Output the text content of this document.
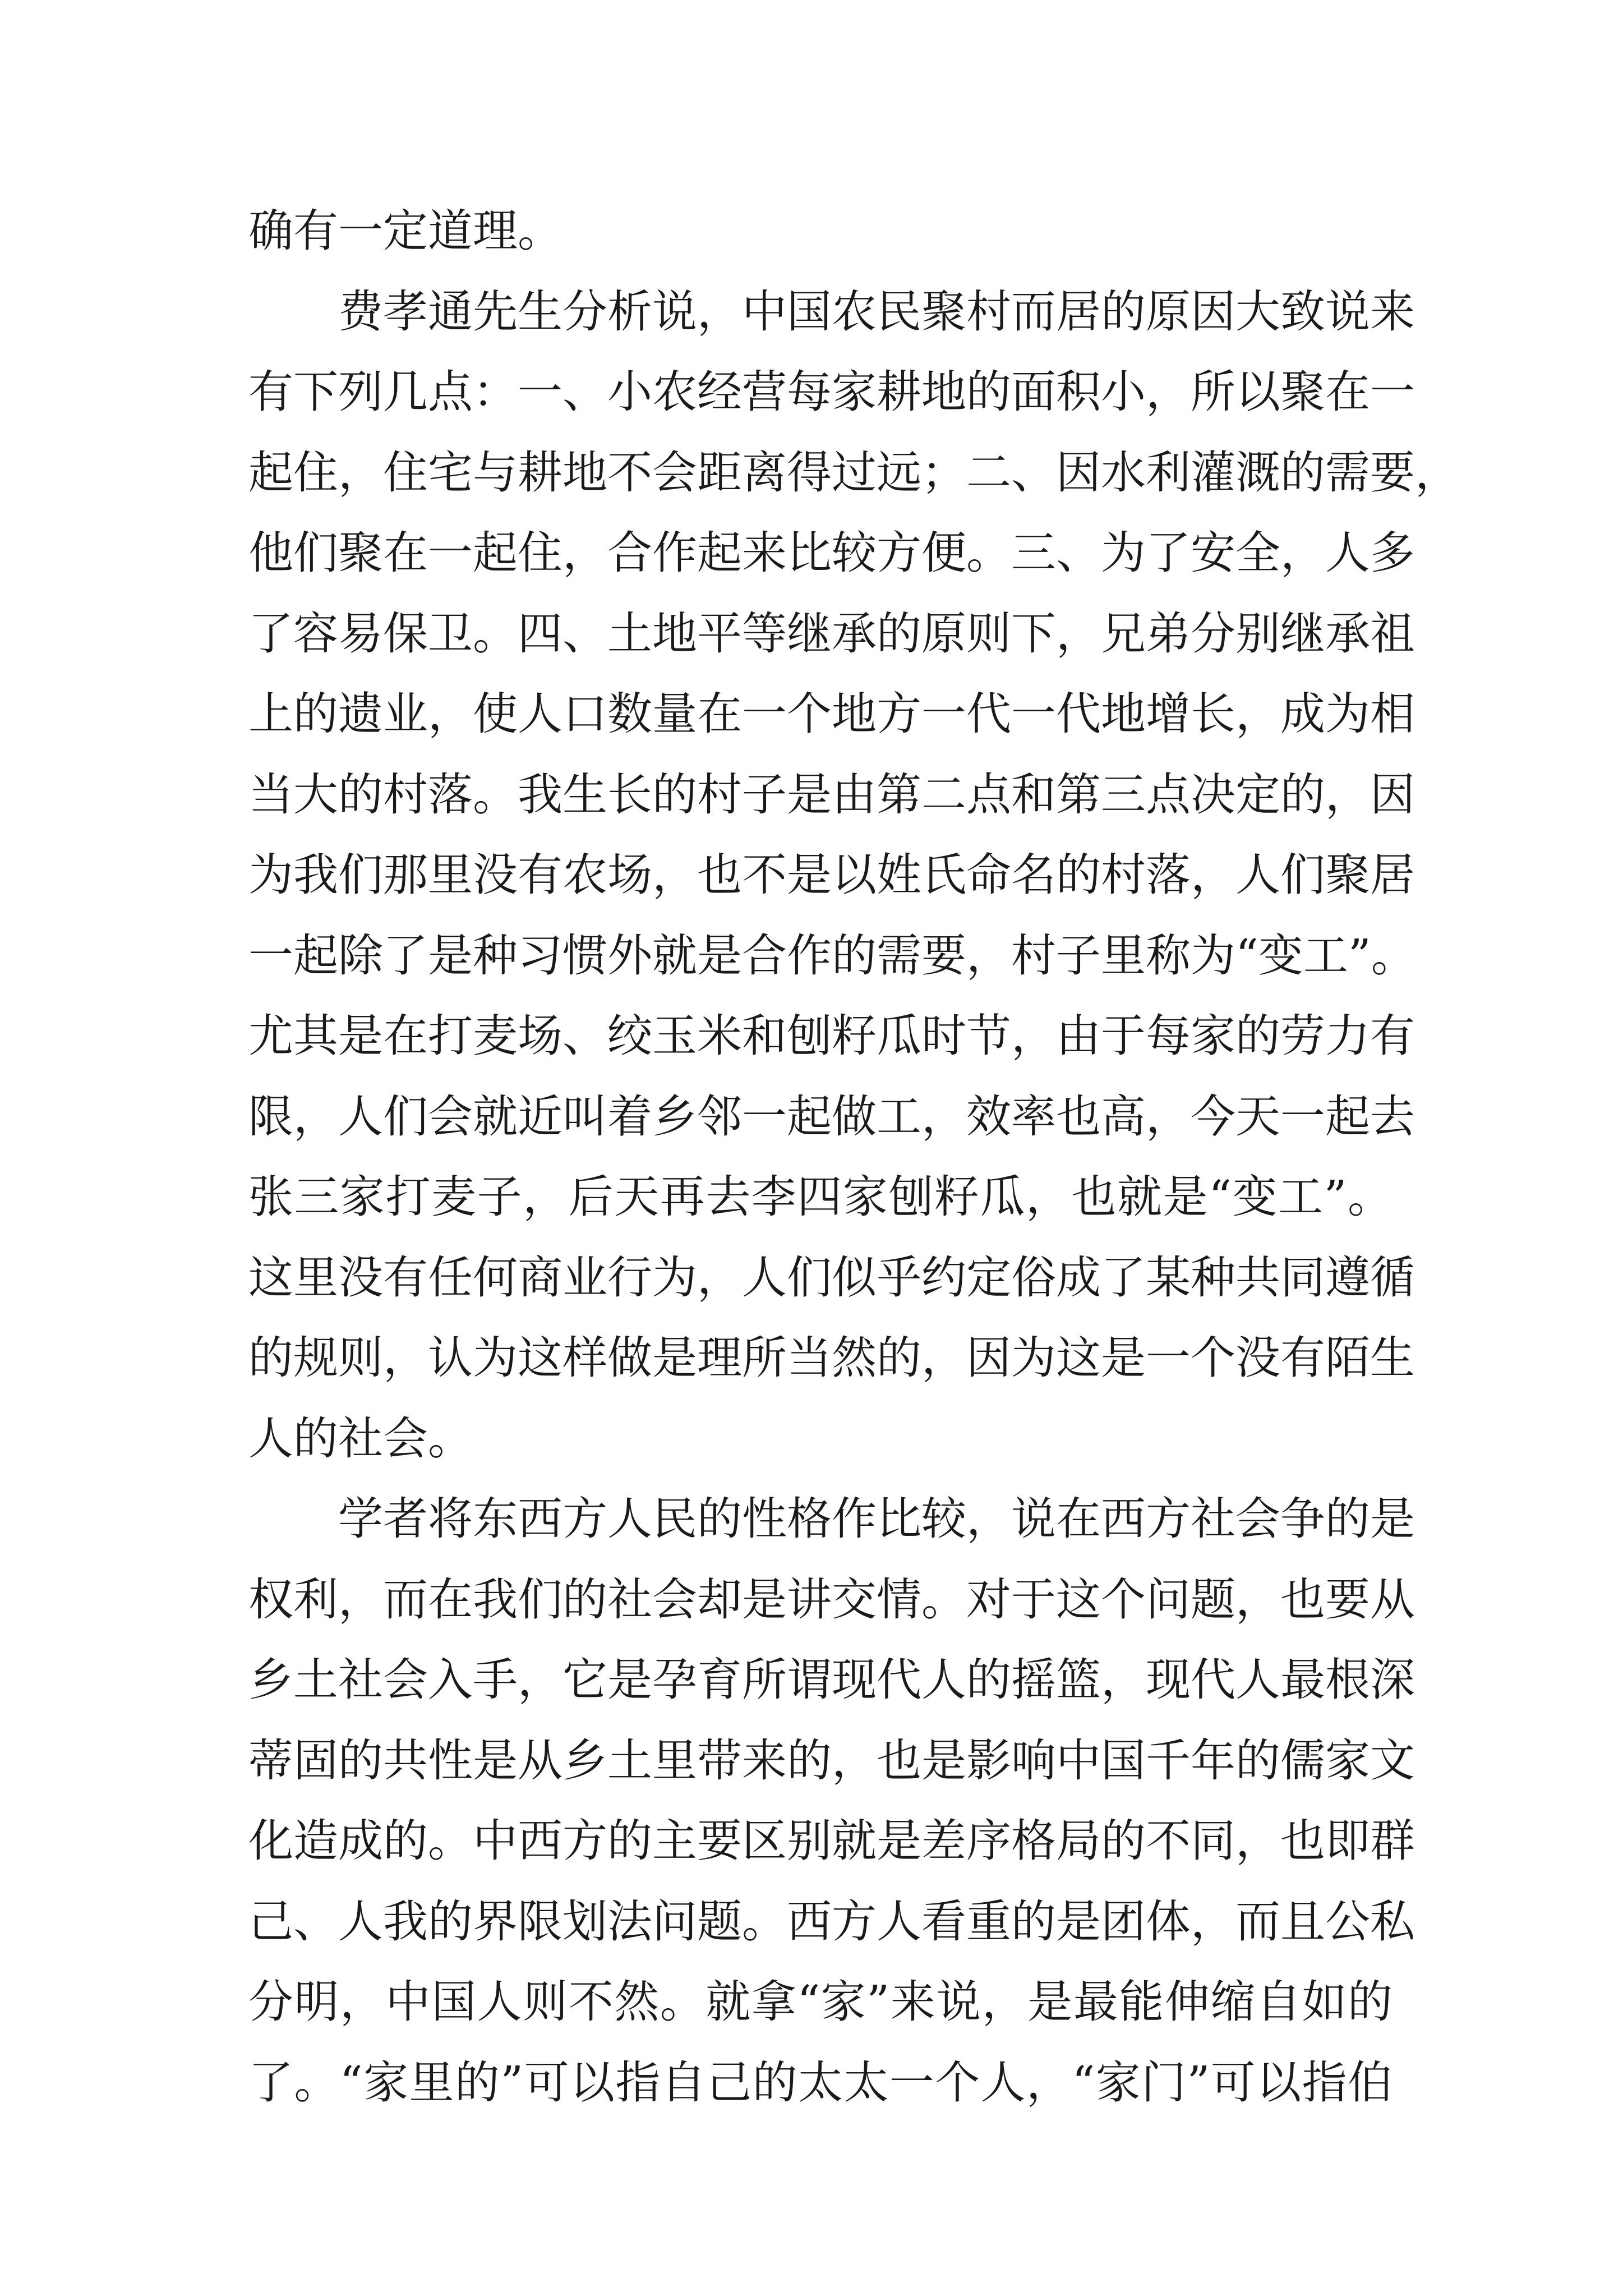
确有一定道理。
费孝通先生分析说，中国农民聚村而居的原因大致说来
有下列几点：一、小农经营每家耕地的面积小，所以聚在一
起住，住宅与耕地不会距离得过远；二、因水利灌溉的需要，
他们聚在一起住，合作起来比较方便。三、为了安全，人多
了容易保卫。四、土地平等继承的原则下，兄弟分别继承祖
上的遗业，使人口数量在一个地方一代一代地增长，成为相
当大的村落。我生长的村子是由第二点和第三点决定的，因
为我们那里没有农场，也不是以姓氏命名的村落，人们聚居
一起除了是种习惯外就是合作的需要，村子里称为“变工”。
尤其是在打麦场、绞玉米和刨籽瓜时节，由于每家的劳力有
限，人们会就近叫着乡邻一起做工，效率也高，今天一起去
张三家打麦子，后天再去李四家刨籽瓜，也就是“变工”。
这里没有任何商业行为，人们似乎约定俗成了某种共同遵循
的规则，认为这样做是理所当然的，因为这是一个没有陌生
人的社会。
学者将东西方人民的性格作比较，说在西方社会争的是
权利，而在我们的社会却是讲交情。对于这个问题，也要从
乡土社会入手，它是孕育所谓现代人的摇篮，现代人最根深
蒂固的共性是从乡土里带来的，也是影响中国千年的儒家文
化造成的。中西方的主要区别就是差序格局的不同，也即群
己、人我的界限划法问题。西方人看重的是团体，而且公私
分明，中国人则不然。就拿“家”来说，是最能伸缩自如的
了。“家里的”可以指自己的太太一个人，“家门”可以指伯
